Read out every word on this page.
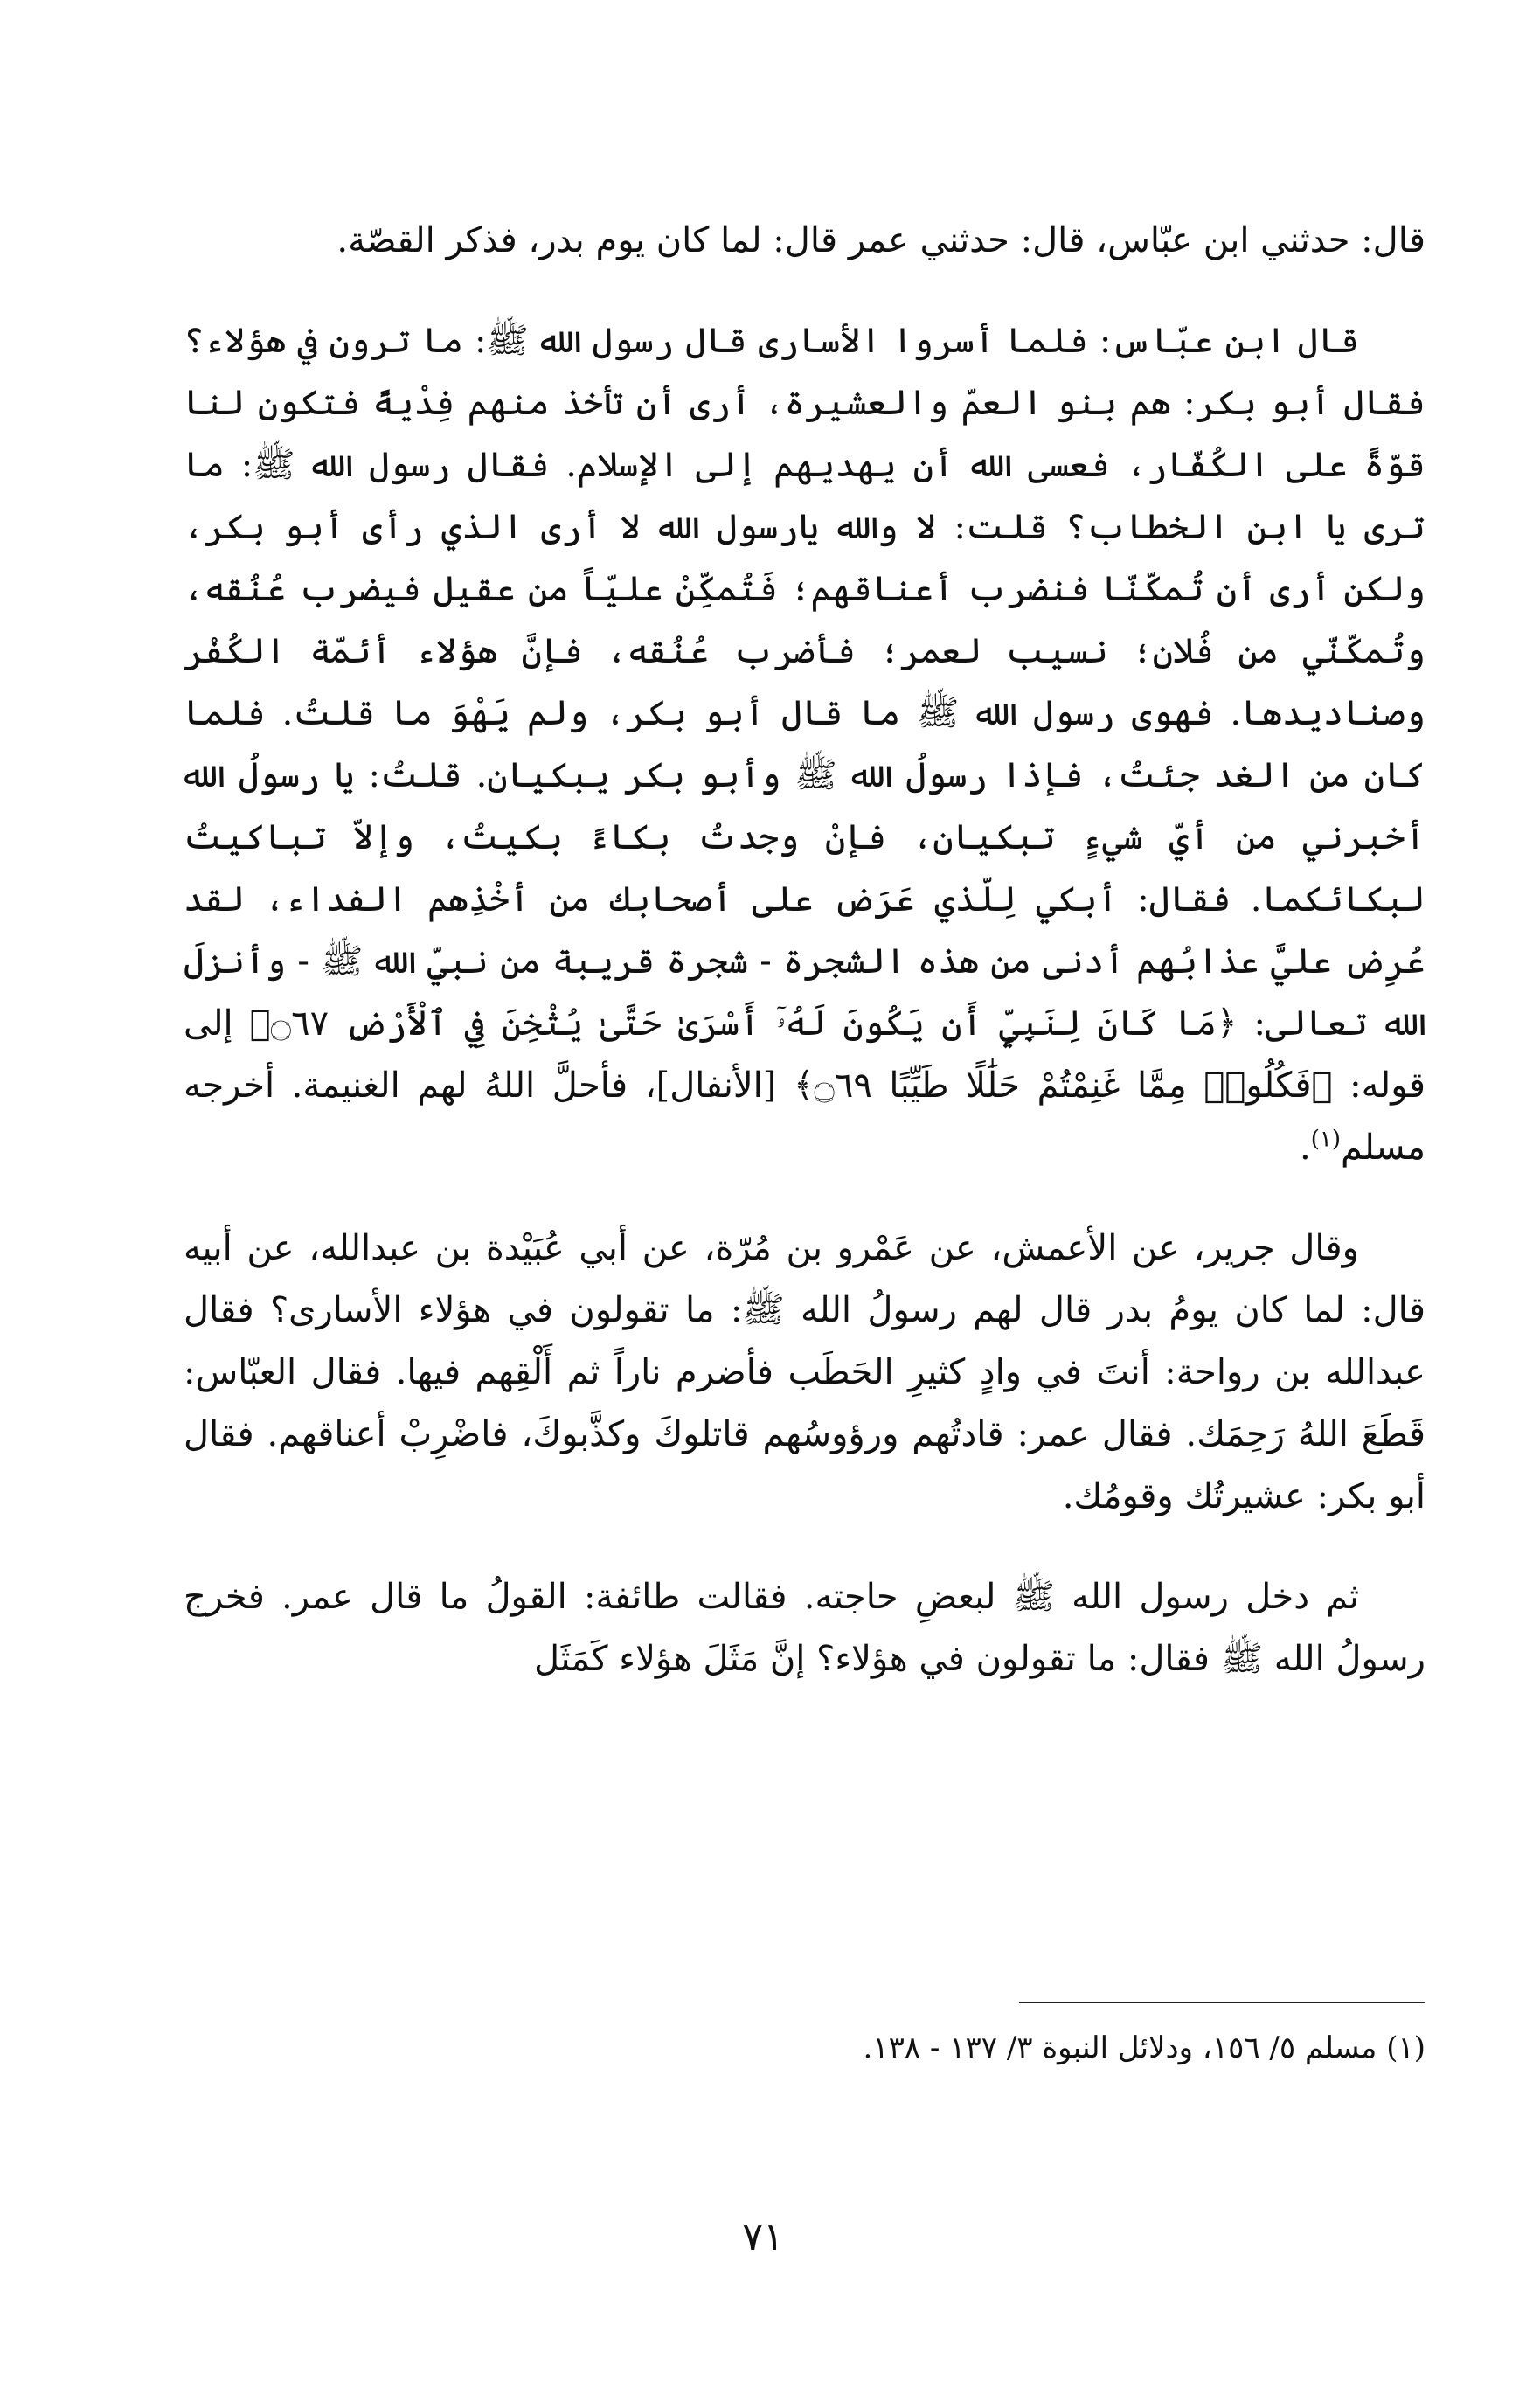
قال: حدثني ابن عبّاس، قال: حدثني عمر قال: لما كان يوم بدر، فذكر القصّة.

قال ابن عبّاس: فلما أسروا الأسارى قال رسول الله ﷺ: ما ترون في هؤلاء؟ فقال أبو بكر: هم بنو العمّ والعشيرة، أرى أن تأخذ منهم فِدْيةً فتكون لنا قوّةً على الكُفّار، فعسى الله أن يهديهم إلى الإسلام. فقال رسول الله ﷺ: ما ترى يا ابن الخطاب؟ قلت: لا والله يارسول الله لا أرى الذي رأى أبو بكر، ولكن أرى أن تُمكّنّا فنضرب أعناقهم؛ فَتُمكِّنْ عليّاً من عقيل فيضرب عُنُقه، وتُمكّنّي من فُلان؛ نسيب لعمر؛ فأضرب عُنُقه، فإنَّ هؤلاء أئمّة الكُفْر وصناديدها. فهوى رسول الله ﷺ ما قال أبو بكر، ولم يَهْوَ ما قلتُ. فلما كان من الغد جئتُ، فإذا رسولُ الله ﷺ وأبو بكر يبكيان. قلتُ: يا رسولُ الله أخبرني من أيِّ شيءٍ تبكيان، فإنْ وجدتُ بكاءً بكيتُ، وإلاّ تباكيتُ لبكائكما. فقال: أبكي لِلّذي عَرَض على أصحابك من أخْذِهم الفداء، لقد عُرِض عليَّ عذابُهم أدنى من هذه الشجرة - شجرة قريبة من نبيِّ الله ﷺ - وأنزلَ الله تعالى: ﴿مَا كَانَ لِنَبِيٍّ أَن يَكُونَ لَهُۥٓ أَسْرَىٰ حَتَّىٰ يُثْخِنَ فِي ٱلْأَرْضِ ۝٦٧﴾ إلى قوله: ﴿فَكُلُوا۟ مِمَّا غَنِمْتُمْ حَلَٰلًا طَيِّبًا ۝٦٩﴾ [الأنفال]، فأحلَّ اللهُ لهم الغنيمة. أخرجه مسلم$^{(١)}$.

وقال جرير، عن الأعمش، عن عَمْرو بن مُرّة، عن أبي عُبَيْدة بن عبدالله، عن أبيه قال: لما كان يومُ بدر قال لهم رسولُ الله ﷺ: ما تقولون في هؤلاء الأسارى؟ فقال عبدالله بن رواحة: أنتَ في وادٍ كثيرِ الحَطَب فأضرم ناراً ثم أَلْقِهم فيها. فقال العبّاس: قَطَعَ اللهُ رَحِمَك. فقال عمر: قادتُهم ورؤوسُهم قاتلوكَ وكذَّبوكَ، فاضْرِبْ أعناقهم. فقال أبو بكر: عشيرتُك وقومُك.

ثم دخل رسول الله ﷺ لبعضِ حاجته. فقالت طائفة: القولُ ما قال عمر. فخرج رسولُ الله ﷺ فقال: ما تقولون في هؤلاء؟ إنَّ مَثَلَ هؤلاء كَمَثَل

(١) مسلم ٥/ ١٥٦، ودلائل النبوة ٣/ ١٣٧ - ١٣٨.

٧١
